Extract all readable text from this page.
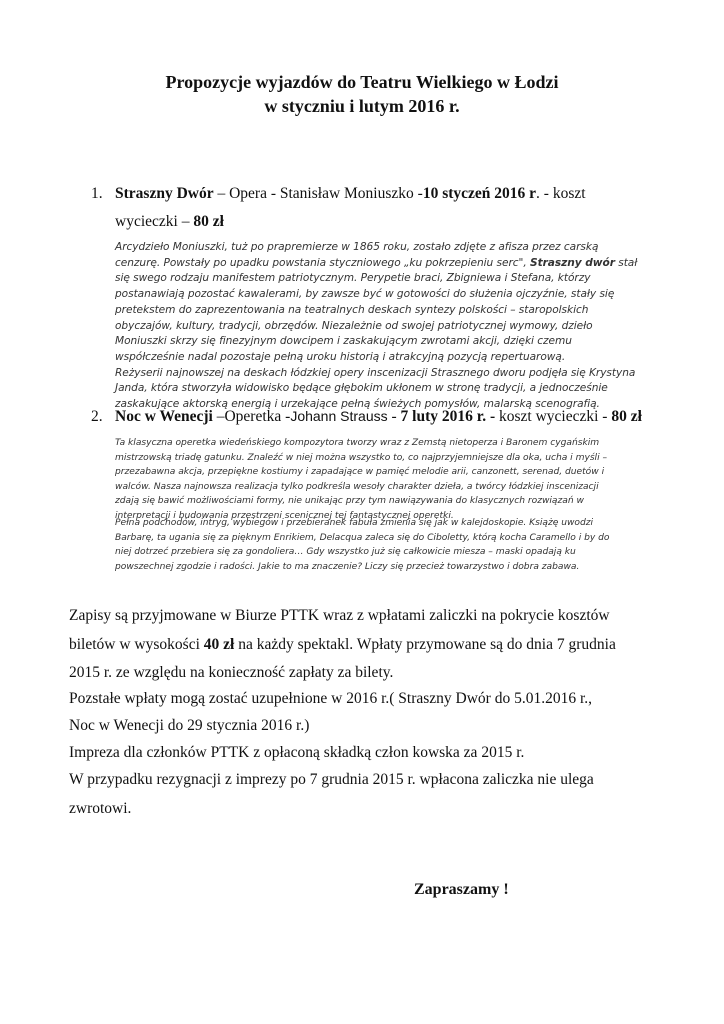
Propozycje wyjazdów do Teatru Wielkiego w Łodzi
w styczniu i lutym 2016 r.
1. Straszny Dwór – Opera - Stanisław Moniuszko -10 styczeń 2016 r. - koszt
wycieczki – 80 zł
Arcydzieło Moniuszki, tuż po prapremierze w 1865 roku, zostało zdjęte z afisza przez carską
cenzurę. Powstały po upadku powstania styczniowego „ku pokrzepieniu serc", Straszny dwór stał
się swego rodzaju manifestem patriotycznym. Perypetie braci, Zbigniewa i Stefana, którzy
postanawiają pozostać kawalerami, by zawsze być w gotowości do służenia ojczyźnie, stały się
pretekstem do zaprezentowania na teatralnych deskach syntezy polskości – staropolskich
obyczajów, kultury, tradycji, obrzędów. Niezależnie od swojej patriotycznej wymowy, dzieło
Moniuszki skrzy się finezyjnym dowcipem i zaskakującym zwrotami akcji, dzięki czemu
współcześnie nadal pozostaje pełną uroku historią i atrakcyjną pozycją repertuarową.
Reżyserii najnowszej na deskach łódzkiej opery inscenizacji Strasznego dworu podjęła się Krystyna
Janda, która stworzyła widowisko będące głębokim ukłonem w stronę tradycji, a jednocześnie
zaskakujące aktorską energią i urzekające pełną świeżych pomysłów, malarską scenografią.
2. Noc w Wenecji –Operetka -Johann Strauss - 7 luty 2016 r. - koszt wycieczki - 80 zł
Ta klasyczna operetka wiedeńskiego kompozytora tworzy wraz z Zemstą nietoperza i Baronem cygańskim
mistrzowską triadę gatunku. Znaleźć w niej można wszystko to, co najprzyjemniejsze dla oka, ucha i myśli –
przezabawna akcja, przepiękne kostiumy i zapadające w pamięć melodie arii, canzonett, serenad, duetów i
walców. Nasza najnowsza realizacja tylko podkreśla wesoły charakter dzieła, a twórcy łódzkiej inscenizacji
zdają się bawić możliwościami formy, nie unikając przy tym nawiązywania do klasycznych rozwiązań w
interpretacji i budowania przestrzeni scenicznej tej fantastycznej operetki.
Pełna podchodów, intryg, wybiegów i przebieranek fabuła zmienia się jak w kalejdoskopie. Książę uwodzi
Barbarę, ta ugania się za pięknym Enrikiem, Delacqua zaleca się do Ciboletty, którą kocha Caramello i by do
niej dotrzeć przebiera się za gondoliera… Gdy wszystko już się całkowicie miesza – maski opadają ku
powszechnej zgodzie i radości. Jakie to ma znaczenie? Liczy się przecież towarzystwo i dobra zabawa.
Zapisy są przyjmowane w Biurze PTTK wraz z wpłatami zaliczki na pokrycie kosztów
biletów w wysokości 40 zł na każdy spektakl. Wpłaty przymowane są do dnia 7 grudnia
2015 r. ze względu na konieczność zapłaty za bilety.
Pozstałe wpłaty mogą zostać uzupełnione w 2016 r.( Straszny Dwór do 5.01.2016 r.,
Noc w Wenecji do 29 stycznia 2016 r.)
Impreza dla członków PTTK z opłaconą składką człon kowska za 2015 r.
W przypadku rezygnacji z imprezy po 7 grudnia 2015 r. wpłacona zaliczka nie ulega
zwrotowi.
Zapraszamy !
